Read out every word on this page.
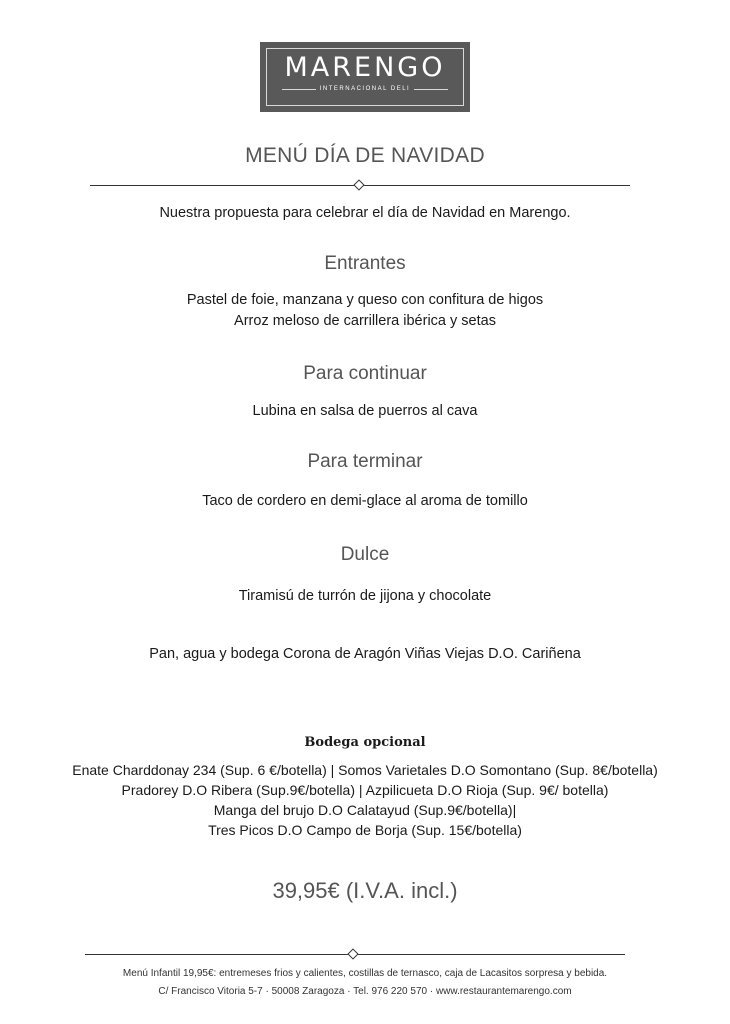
MARENGO
INTERNACIONAL DELI
MENÚ DÍA DE NAVIDAD
Nuestra propuesta para celebrar el día de Navidad en Marengo.
Entrantes
Pastel de foie, manzana y queso con confitura de higos
Arroz meloso de carrillera ibérica y setas
Para continuar
Lubina en salsa de puerros al cava
Para terminar
Taco de cordero en demi-glace al aroma de tomillo
Dulce
Tiramisú de turrón de jijona y chocolate
Pan, agua y bodega Corona de Aragón Viñas Viejas D.O. Cariñena
Bodega opcional
Enate Charddonay 234 (Sup. 6 €/botella) | Somos Varietales D.O Somontano (Sup. 8€/botella)
Pradorey D.O Ribera (Sup.9€/botella) | Azpilicueta D.O Rioja (Sup. 9€/ botella)
Manga del brujo D.O Calatayud (Sup.9€/botella)|
Tres Picos D.O Campo de Borja (Sup. 15€/botella)
39,95€ (I.V.A. incl.)
Menú Infantil 19,95€: entremeses frios y calientes, costillas de ternasco, caja de Lacasitos sorpresa y bebida.
C/ Francisco Vitoria 5-7 · 50008 Zaragoza · Tel. 976 220 570 · www.restaurantemarengo.com
